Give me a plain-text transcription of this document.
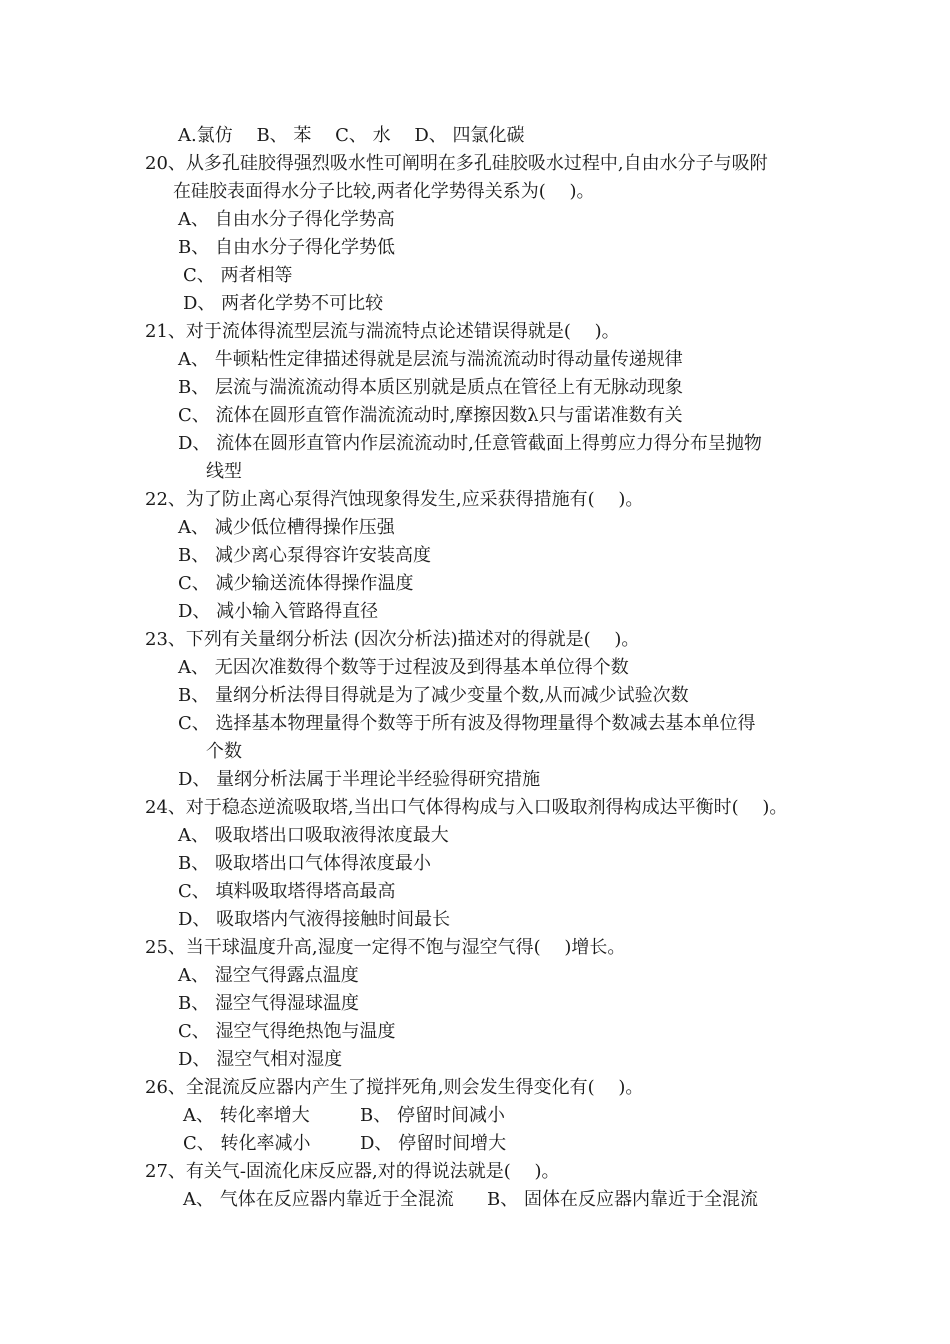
A.氯仿　 B、 苯　 C、 水　 D、 四氯化碳
20、从多孔硅胶得强烈吸水性可阐明在多孔硅胶吸水过程中,自由水分子与吸附
在硅胶表面得水分子比较,两者化学势得关系为(　 )。
A、 自由水分子得化学势高
B、 自由水分子得化学势低
C、 两者相等
D、 两者化学势不可比较
21、对于流体得流型层流与湍流特点论述错误得就是(　 )。
A、 牛顿粘性定律描述得就是层流与湍流流动时得动量传递规律
B、 层流与湍流流动得本质区别就是质点在管径上有无脉动现象
C、 流体在圆形直管作湍流流动时,摩擦因数λ只与雷诺准数有关
D、 流体在圆形直管内作层流流动时,任意管截面上得剪应力得分布呈抛物
线型
22、为了防止离心泵得汽蚀现象得发生,应采获得措施有(　 )。
A、 减少低位槽得操作压强
B、 减少离心泵得容许安装高度
C、 减少输送流体得操作温度
D、 减小输入管路得直径
23、下列有关量纲分析法 (因次分析法)描述对的得就是(　 )。
A、 无因次准数得个数等于过程波及到得基本单位得个数
B、 量纲分析法得目得就是为了减少变量个数,从而减少试验次数
C、 选择基本物理量得个数等于所有波及得物理量得个数减去基本单位得
个数
D、 量纲分析法属于半理论半经验得研究措施
24、对于稳态逆流吸取塔,当出口气体得构成与入口吸取剂得构成达平衡时(　 )。
A、 吸取塔出口吸取液得浓度最大
B、 吸取塔出口气体得浓度最小
C、 填料吸取塔得塔高最高
D、 吸取塔内气液得接触时间最长
25、当干球温度升高,湿度一定得不饱与湿空气得(　 )增长。
A、 湿空气得露点温度
B、 湿空气得湿球温度
C、 湿空气得绝热饱与温度
D、 湿空气相对湿度
26、全混流反应器内产生了搅拌死角,则会发生得变化有(　 )。
A、 转化率增大	B、 停留时间减小
C、 转化率减小	D、 停留时间增大
27、有关气-固流化床反应器,对的得说法就是(　 )。
A、 气体在反应器内靠近于全混流 B、 固体在反应器内靠近于全混流
